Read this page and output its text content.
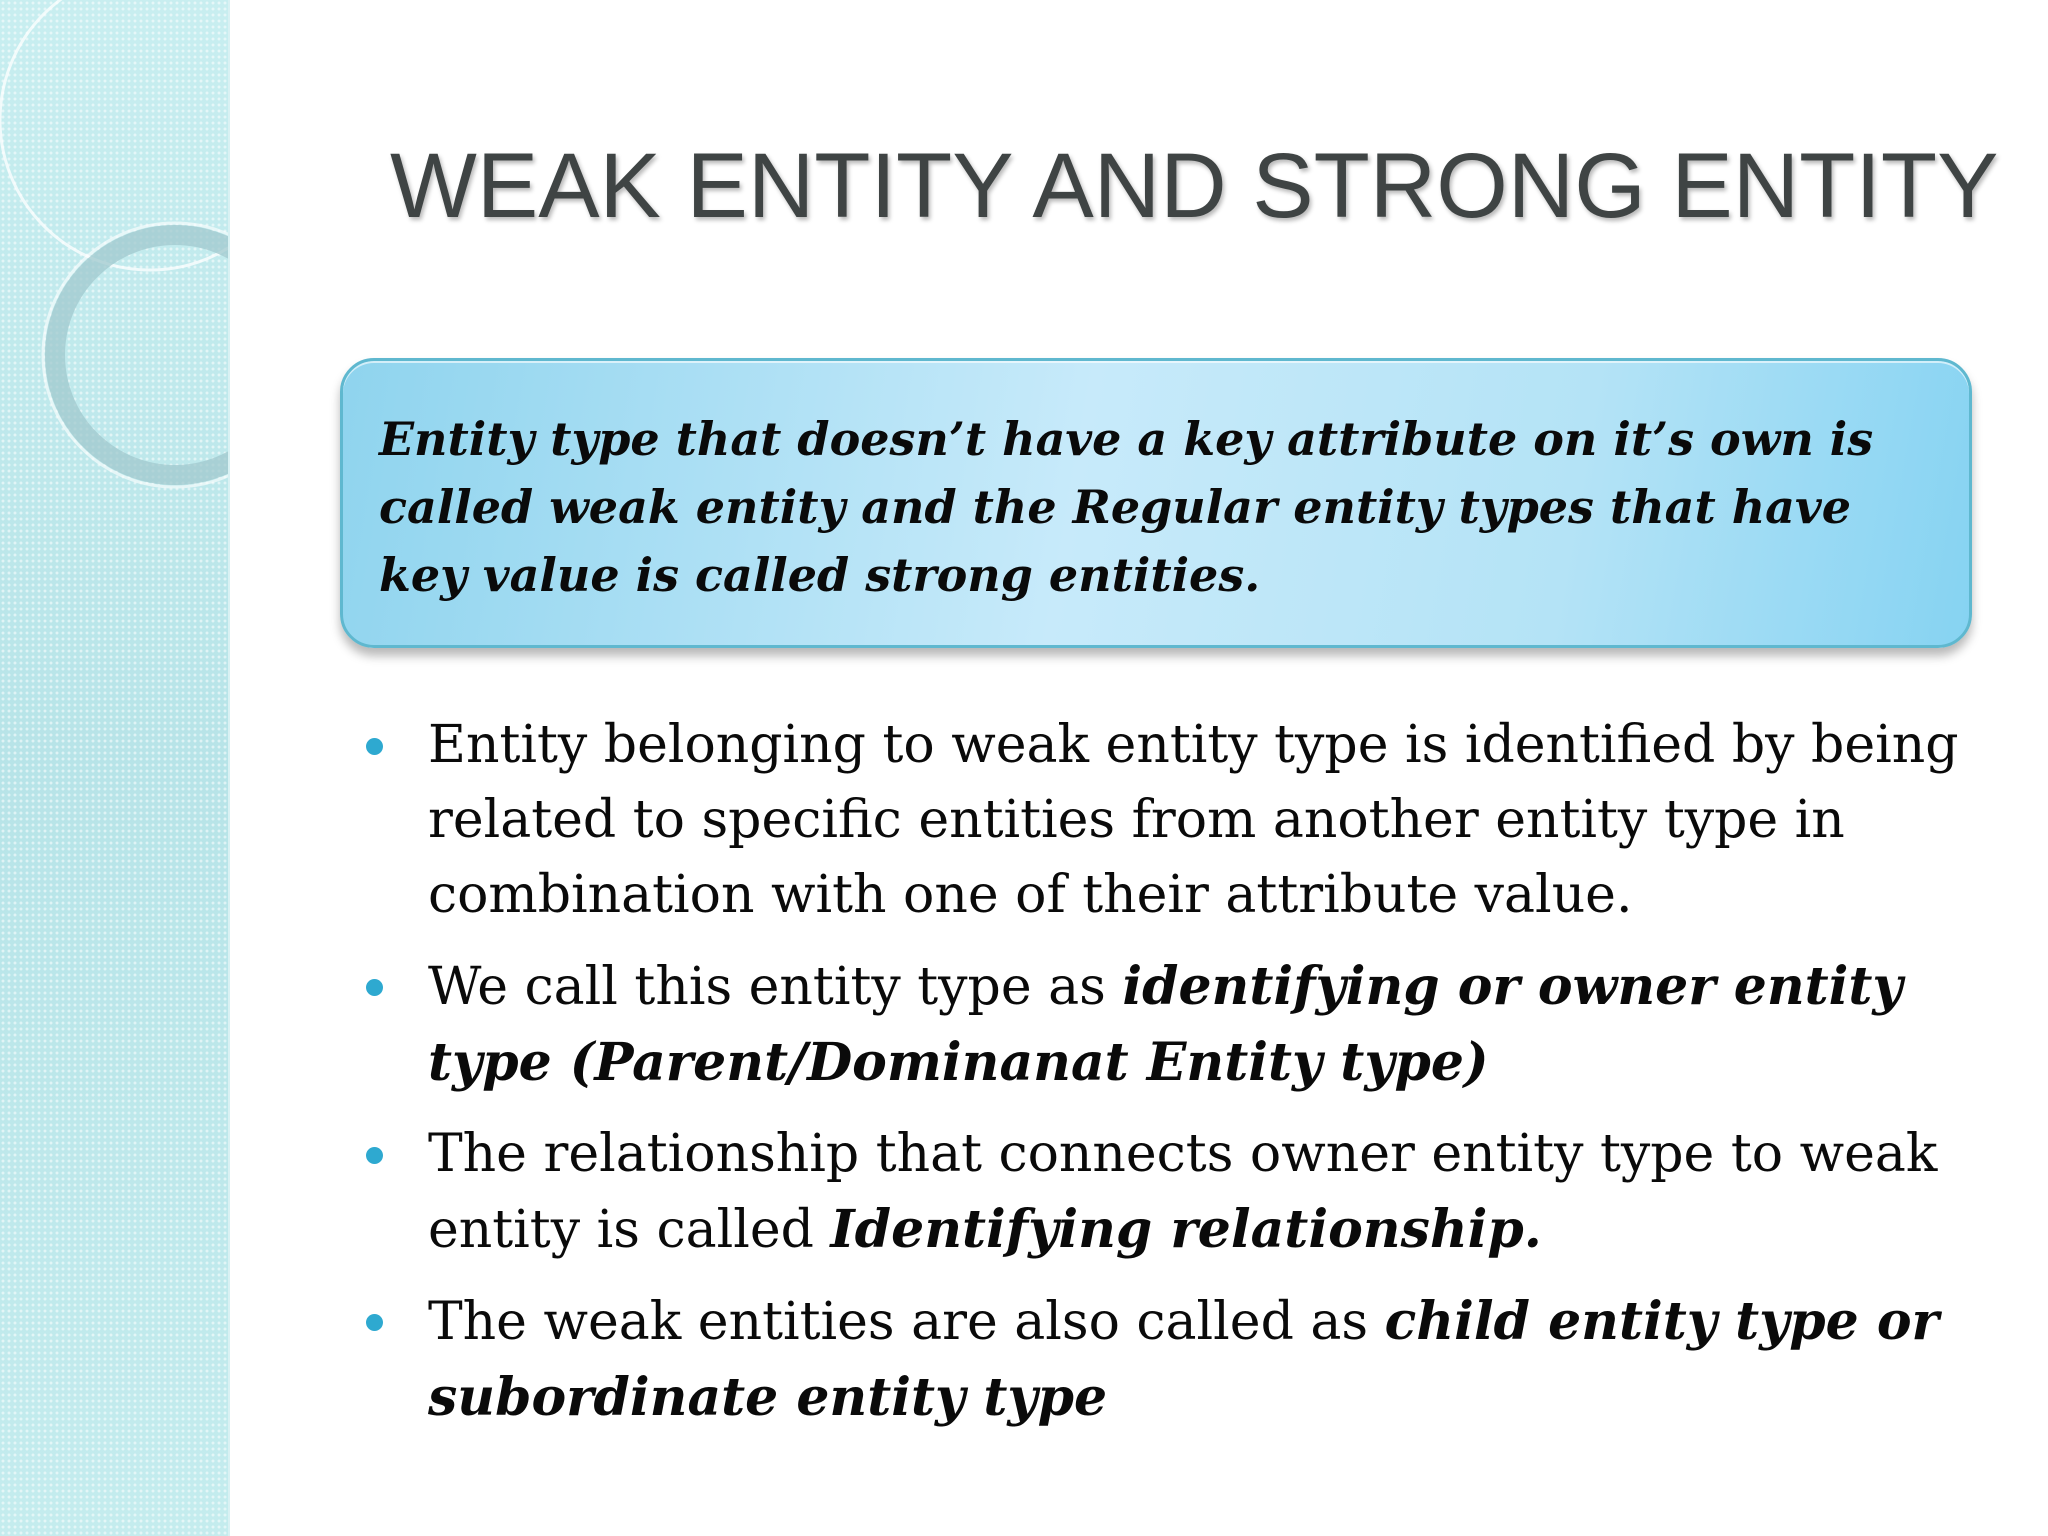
WEAK ENTITY AND STRONG ENTITY

Entity type that doesn’t have a key attribute on it’s own is called weak entity and the Regular entity types that have key value is called strong entities.

Entity belonging to weak entity type is identified by being related to specific entities from another entity type in combination with one of their attribute value.
We call this entity type as identifying or owner entity type (Parent/Dominanat Entity type)
The relationship that connects owner entity type to weak entity is called Identifying relationship.
The weak entities are also called as child entity type or subordinate entity type
